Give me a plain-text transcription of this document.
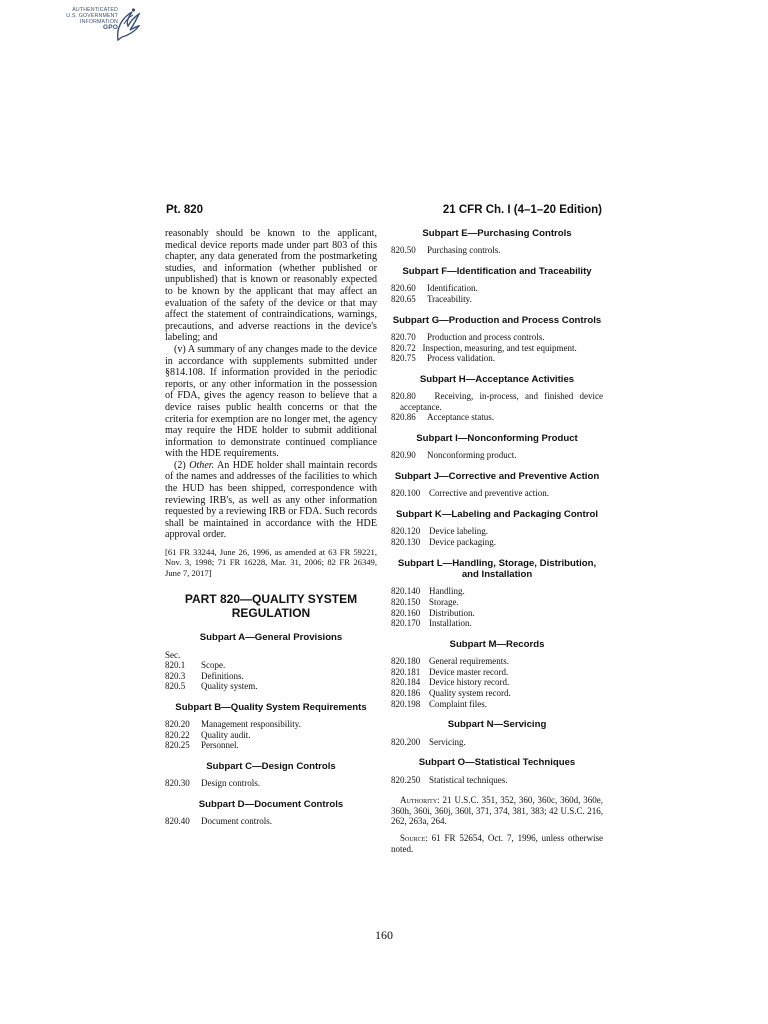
AUTHENTICATED
U.S. GOVERNMENT
INFORMATION
GPO
Pt. 820	21 CFR Ch. I (4–1–20 Edition)

reasonably should be known to the applicant, medical device reports made under part 803 of this chapter, any data generated from the postmarketing studies, and information (whether published or unpublished) that is known or reasonably expected to be known by the applicant that may affect an evaluation of the safety of the device or that may affect the statement of contraindications, warnings, precautions, and adverse reactions in the device's labeling; and

(v) A summary of any changes made to the device in accordance with supplements submitted under §814.108. If information provided in the periodic reports, or any other information in the possession of FDA, gives the agency reason to believe that a device raises public health concerns or that the criteria for exemption are no longer met, the agency may require the HDE holder to submit additional information to demonstrate continued compliance with the HDE requirements.

(2) Other. An HDE holder shall maintain records of the names and addresses of the facilities to which the HUD has been shipped, correspondence with reviewing IRB's, as well as any other information requested by a reviewing IRB or FDA. Such records shall be maintained in accordance with the HDE approval order.

[61 FR 33244, June 26, 1996, as amended at 63 FR 59221, Nov. 3, 1998; 71 FR 16228, Mar. 31, 2006; 82 FR 26349, June 7, 2017]

PART 820—QUALITY SYSTEM REGULATION
Subpart A—General Provisions
Sec.
820.1	Scope.
820.3	Definitions.
820.5	Quality system.
Subpart B—Quality System Requirements
820.20	Management responsibility.
820.22	Quality audit.
820.25	Personnel.
Subpart C—Design Controls
820.30	Design controls.
Subpart D—Document Controls
820.40	Document controls.
Subpart E—Purchasing Controls
820.50	Purchasing controls.
Subpart F—Identification and Traceability
820.60	Identification.
820.65	Traceability.
Subpart G—Production and Process Controls
820.70	Production and process controls.
820.72 Inspection, measuring, and test equipment.
820.75	Process validation.
Subpart H—Acceptance Activities
820.80 Receiving, in-process, and finished device acceptance.
820.86	Acceptance status.
Subpart I—Nonconforming Product
820.90	Nonconforming product.
Subpart J—Corrective and Preventive Action
820.100 Corrective and preventive action.
Subpart K—Labeling and Packaging Control
820.120 Device labeling.
820.130 Device packaging.
Subpart L—Handling, Storage, Distribution, and Installation
820.140 Handling.
820.150 Storage.
820.160 Distribution.
820.170 Installation.
Subpart M—Records
820.180 General requirements.
820.181 Device master record.
820.184 Device history record.
820.186 Quality system record.
820.198 Complaint files.
Subpart N—Servicing
820.200 Servicing.
Subpart O—Statistical Techniques
820.250 Statistical techniques.

Authority: 21 U.S.C. 351, 352, 360, 360c, 360d, 360e, 360h, 360i, 360j, 360l, 371, 374, 381, 383; 42 U.S.C. 216, 262, 263a, 264.

Source: 61 FR 52654, Oct. 7, 1996, unless otherwise noted.

160
